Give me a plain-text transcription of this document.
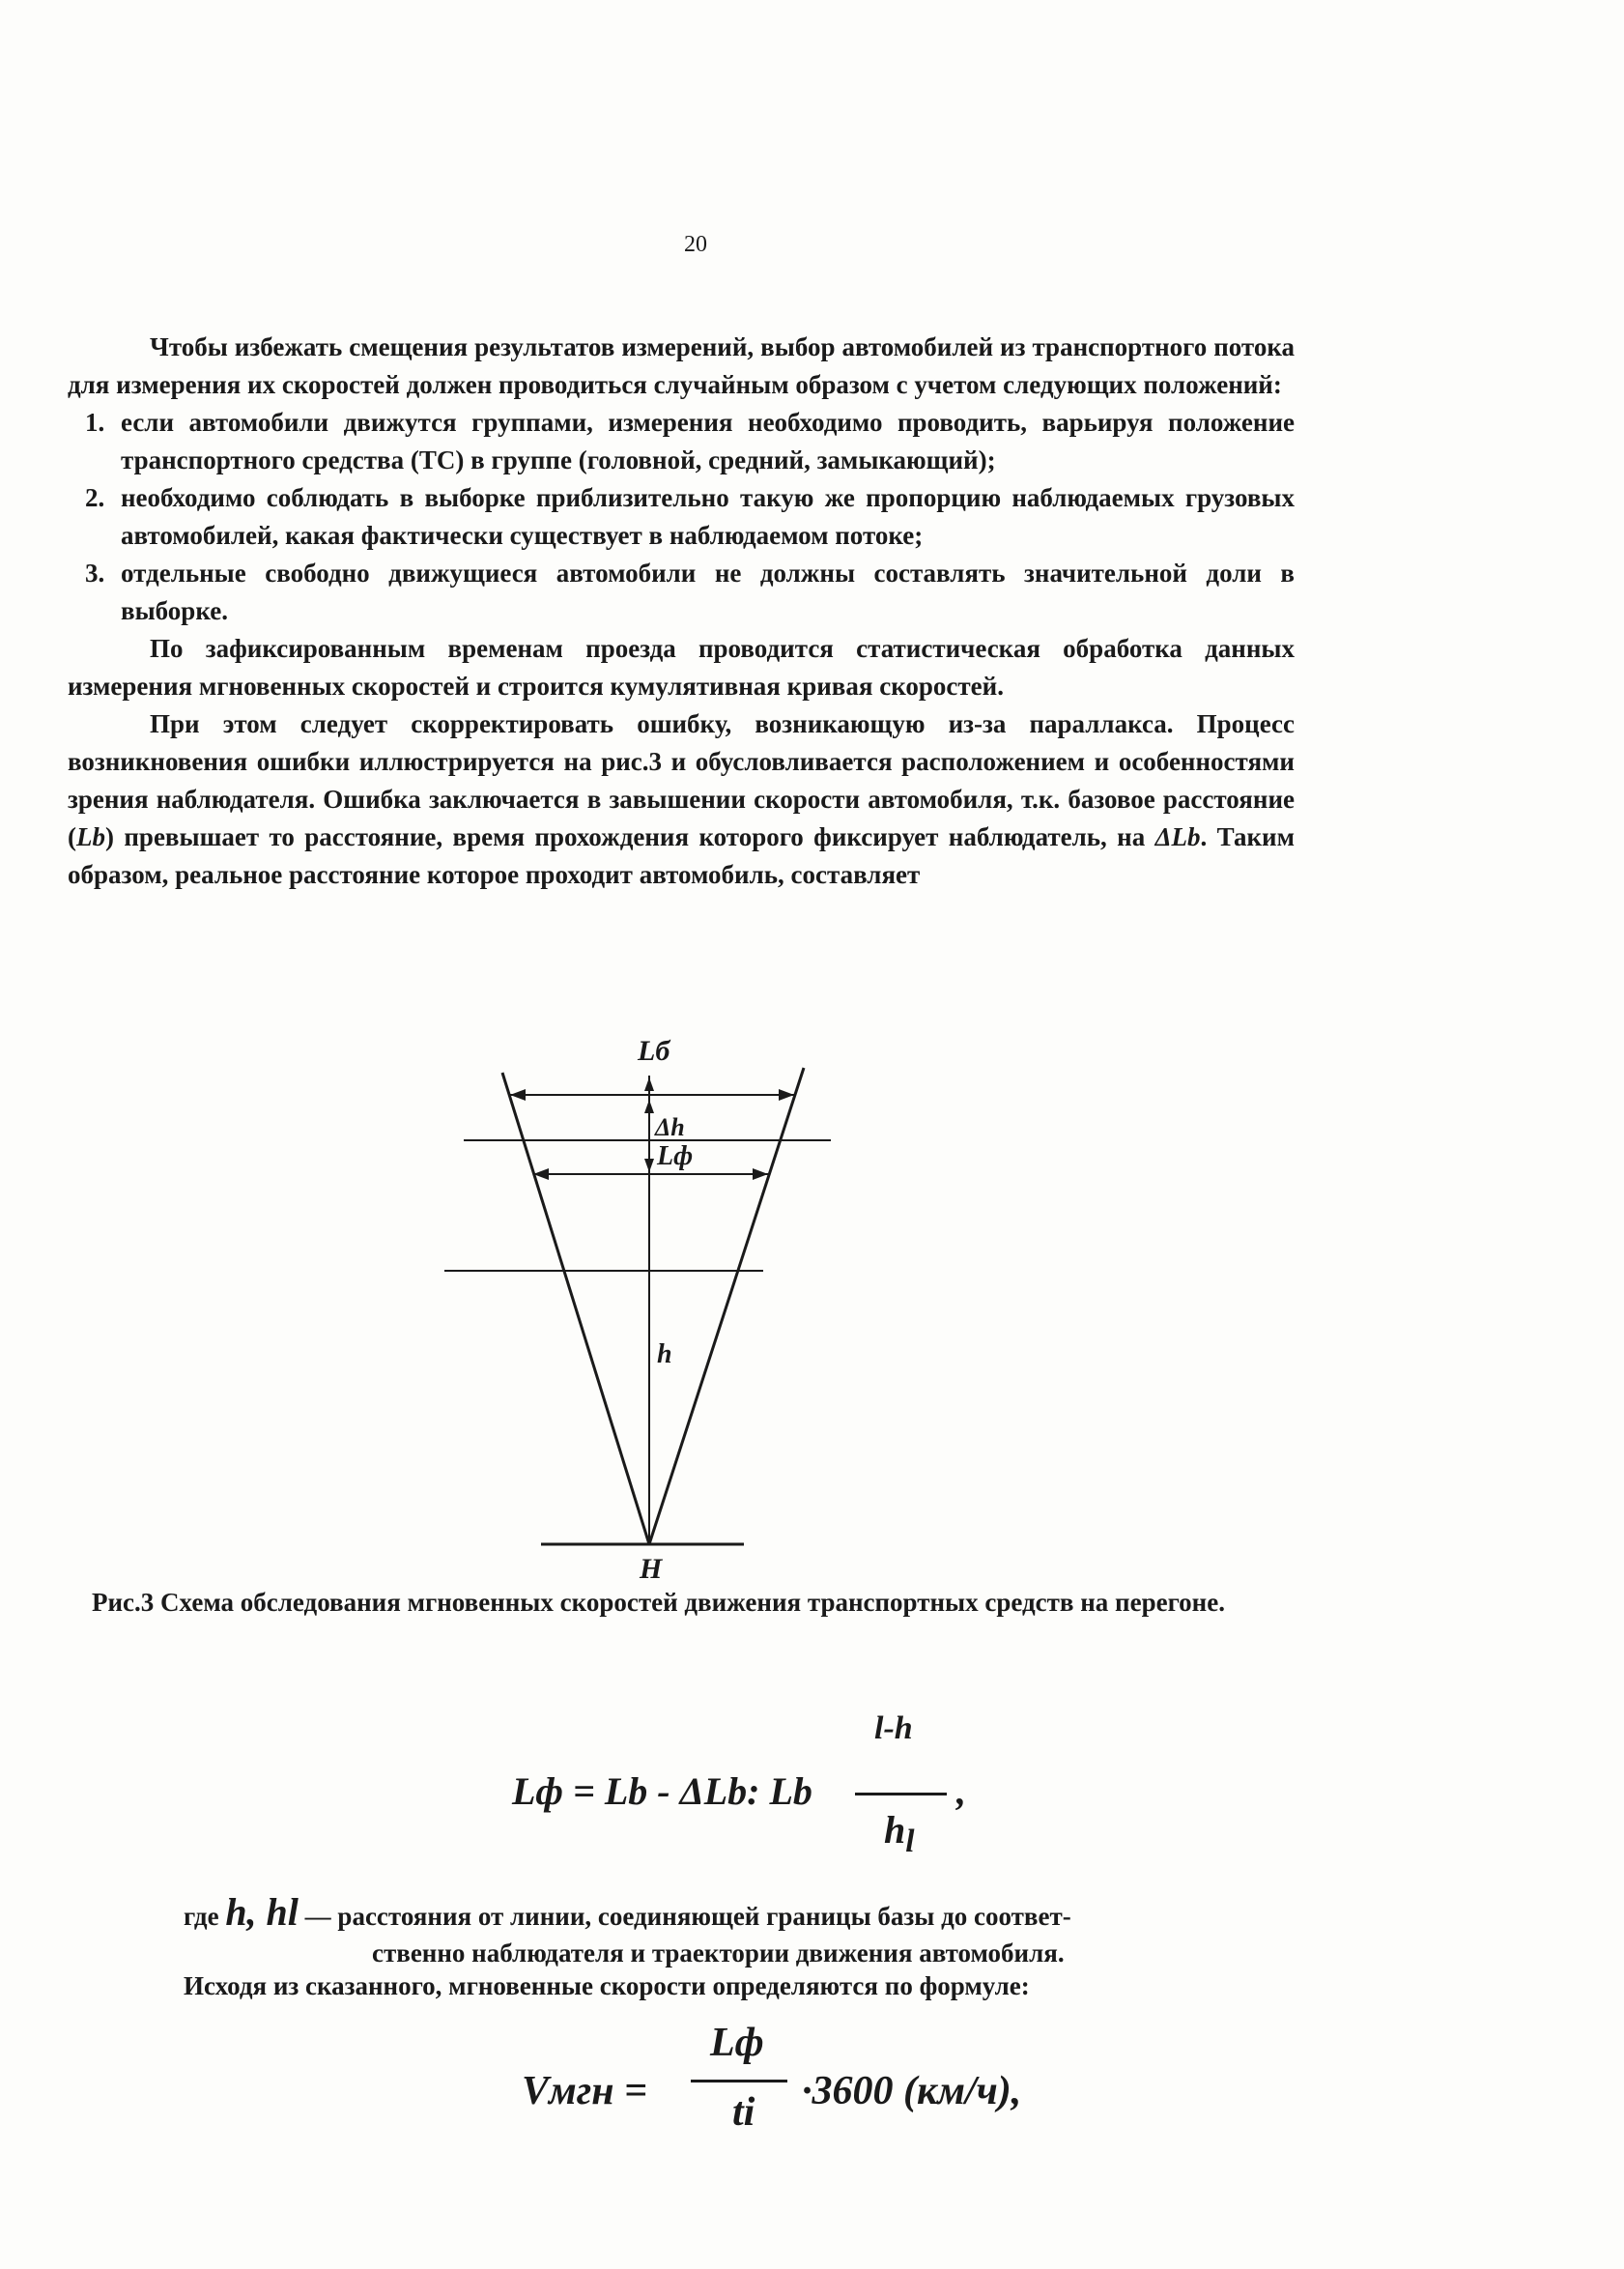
20

Чтобы избежать смещения результатов измерений, выбор автомобилей из транспортного потока для измерения их скоростей должен проводиться случайным образом с учетом следующих положений:

1. если автомобили движутся группами, измерения необходимо проводить, варьируя положение транспортного средства (ТС) в группе (головной, средний, замыкающий);
2. необходимо соблюдать в выборке приблизительно такую же пропорцию наблюдаемых грузовых автомобилей, какая фактически существует в наблюдаемом потоке;
3. отдельные свободно движущиеся автомобили не должны составлять значительной доли в выборке.

По зафиксированным временам проезда проводится статистическая обработка данных измерения мгновенных скоростей и строится кумулятивная кривая скоростей.

При этом следует скорректировать ошибку, возникающую из-за параллакса. Процесс возникновения ошибки иллюстрируется на рис.3 и обусловливается расположением и особенностями зрения наблюдателя. Ошибка заключается в завышении скорости автомобиля, т.к. базовое расстояние (Lb) превышает то расстояние, время прохождения которого фиксирует наблюдатель, на ΔLb. Таким образом, реальное расстояние которое проходит автомобиль, составляет

Lб
Δh
Lф
h
H
Рис.3 Схема обследования мгновенных скоростей движения транспортных средств на перегоне.
Lф = Lb - ΔLb: Lb
l-h
$h_l$
,
где h, hl — расстояния от линии, соединяющей границы базы до соответ-
ственно наблюдателя и траектории движения автомобиля.
Исходя из сказанного, мгновенные скорости определяются по формуле:
Vмгн =
Lф
ti ·3600 (км/ч),
